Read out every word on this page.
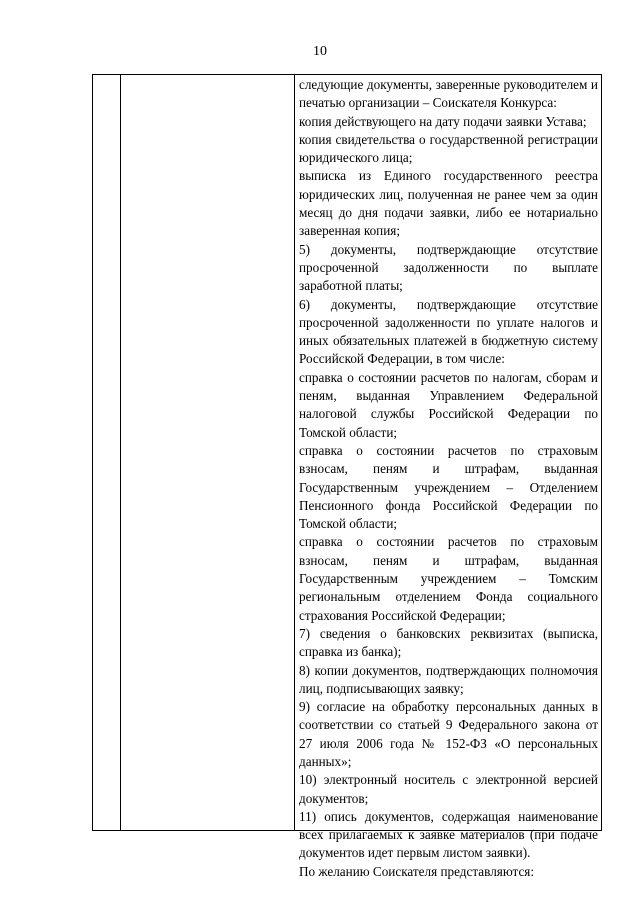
10

следующие документы, заверенные руководителем и печатью организации – Соискателя Конкурса:

копия действующего на дату подачи заявки Устава;

копия свидетельства о государственной регистрации юридического лица;

выписка из Единого государственного реестра юридических лиц, полученная не ранее чем за один месяц до дня подачи заявки, либо ее нотариально заверенная копия;

5) документы, подтверждающие отсутствие просроченной задолженности по выплате заработной платы;

6) документы, подтверждающие отсутствие просроченной задолженности по уплате налогов и иных обязательных платежей в бюджетную систему Российской Федерации, в том числе:

справка о состоянии расчетов по налогам, сборам и пеням, выданная Управлением Федеральной налоговой службы Российской Федерации по Томской области;

справка о состоянии расчетов по страховым взносам, пеням и штрафам, выданная Государственным учреждением – Отделением Пенсионного фонда Российской Федерации по Томской области;

справка о состоянии расчетов по страховым взносам, пеням и штрафам, выданная Государственным учреждением – Томским региональным отделением Фонда социального страхования Российской Федерации;

7) сведения о банковских реквизитах (выписка, справка из банка);

8) копии документов, подтверждающих полномочия лиц, подписывающих заявку;

9) согласие на обработку персональных данных в соответствии со статьей 9 Федерального закона от 27 июля 2006 года № 152-ФЗ «О персональных данных»;

10) электронный носитель с электронной версией документов;

11) опись документов, содержащая наименование всех прилагаемых к заявке материалов (при подаче документов идет первым листом заявки).

По желанию Соискателя представляются:
